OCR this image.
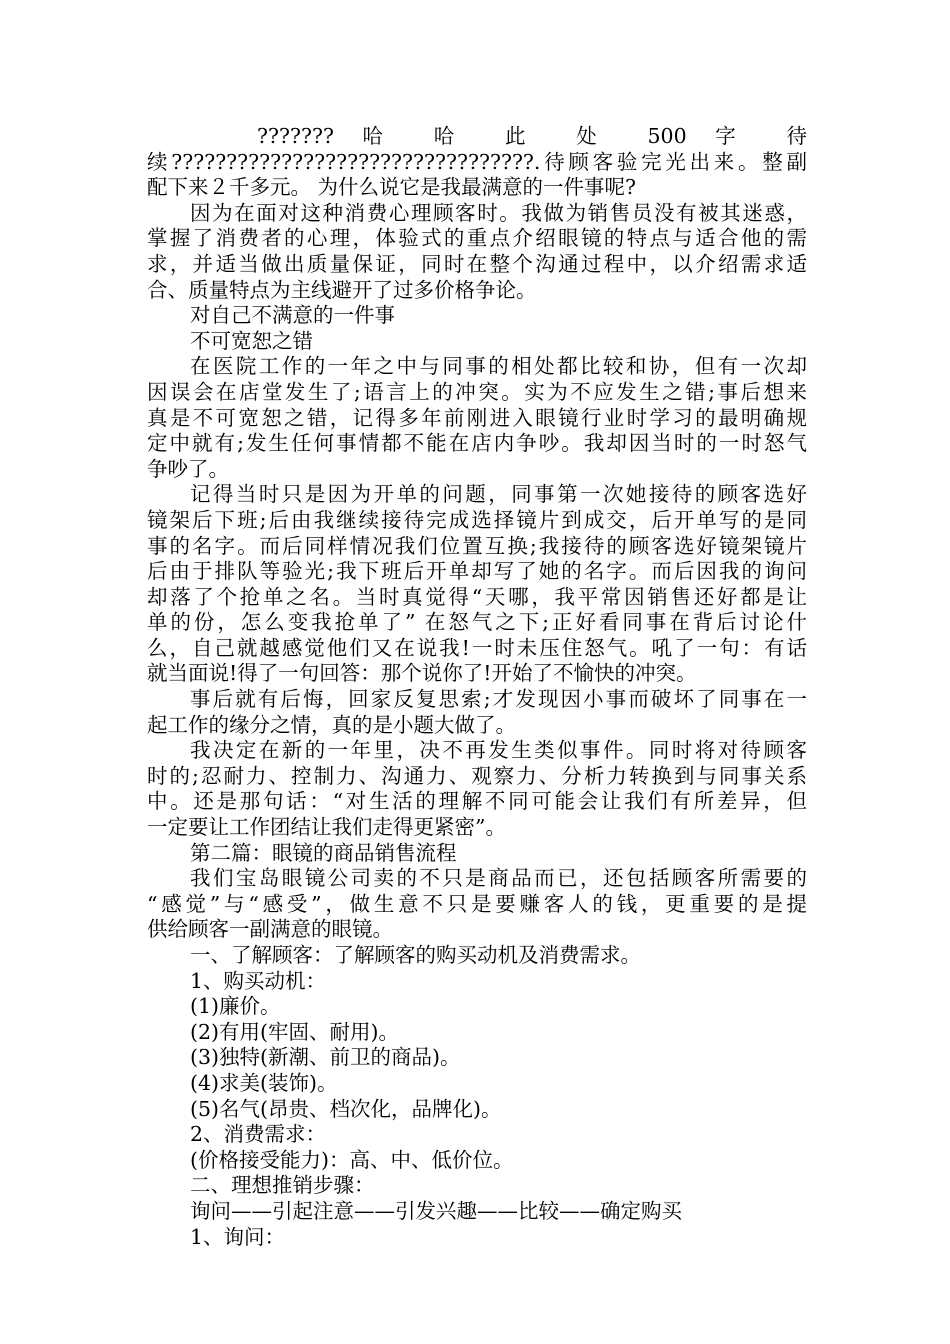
??????? 哈 哈 此 处 500 字 待
续?????????????????????????????????.待顾客验完光出来。整副
配下来２千多元。 为什么说它是我最满意的一件事呢?
因为在面对这种消费心理顾客时。我做为销售员没有被其迷惑，
掌握了消费者的心理，体验式的重点介绍眼镜的特点与适合他的需
求，并适当做出质量保证，同时在整个沟通过程中，以介绍需求适
合、质量特点为主线避开了过多价格争论。
对自己不满意的一件事
不可宽恕之错
在医院工作的一年之中与同事的相处都比较和协，但有一次却
因误会在店堂发生了;语言上的冲突。实为不应发生之错;事后想来
真是不可宽恕之错，记得多年前刚进入眼镜行业时学习的最明确规
定中就有;发生任何事情都不能在店内争吵。我却因当时的一时怒气
争吵了。
记得当时只是因为开单的问题，同事第一次她接待的顾客选好
镜架后下班;后由我继续接待完成选择镜片到成交，后开单写的是同
事的名字。而后同样情况我们位置互换;我接待的顾客选好镜架镜片
后由于排队等验光;我下班后开单却写了她的名字。而后因我的询问
却落了个抢单之名。当时真觉得“天哪，我平常因销售还好都是让
单的份，怎么变我抢单了” 在怒气之下;正好看同事在背后讨论什
么，自己就越感觉他们又在说我!一时未压住怒气。吼了一句：有话
就当面说!得了一句回答：那个说你了!开始了不愉快的冲突。
事后就有后悔，回家反复思索;才发现因小事而破坏了同事在一
起工作的缘分之情，真的是小题大做了。
我决定在新的一年里，决不再发生类似事件。同时将对待顾客
时的;忍耐力、控制力、沟通力、观察力、分析力转换到与同事关系
中。还是那句话：“对生活的理解不同可能会让我们有所差异，但
一定要让工作团结让我们走得更紧密”。
第二篇：眼镜的商品销售流程
我们宝岛眼镜公司卖的不只是商品而已，还包括顾客所需要的
“感觉”与“感受”，做生意不只是要赚客人的钱，更重要的是提
供给顾客一副满意的眼镜。
一、了解顾客：了解顾客的购买动机及消费需求。
1、购买动机：
(1)廉价。
(2)有用(牢固、耐用)。
(3)独特(新潮、前卫的商品)。
(4)求美(装饰)。
(5)名气(昂贵、档次化，品牌化)。
2、消费需求：
(价格接受能力)：高、中、低价位。
二、理想推销步骤：
询问——引起注意——引发兴趣——比较——确定购买
1、询问：
